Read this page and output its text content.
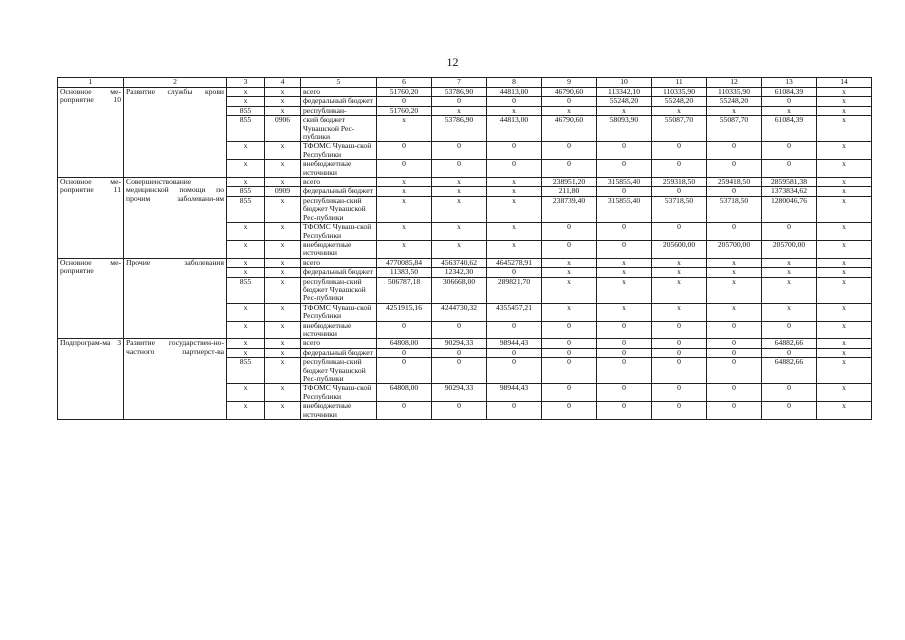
12
1	2	3	4	5	6	7	8	9	10	11	12	13	14
Основное ме-роприятие 10	Развитие службы крови	x	x	всего	51760,20	53786,90	44813,00	46790,60	113342,10	110335,90	110335,90	61084,39	x
		x	x	федеральный бюджет	0	0	0	0	55248,20	55248,20	55248,20	0	x
		855	x	республикан-	51760,20	x	x	x	x	x	x	x	x
		855	0906	ский бюджет Чувашской Рес-публики	x	53786,90	44813,00	46790,60	58093,90	55087,70	55087,70	61084,39	x
		x	x	ТФОМС Чуваш-ской Республики	0	0	0	0	0	0	0	0	x
		x	x	внебюджетные источники	0	0	0	0	0	0	0	0	x
Основное ме-роприятие 11	Совершенствование медицинской помощи по прочим заболевани-ям	x	x	всего	x	x	x	238951,20	315855,40	259318,50	259418,50	2859581,38	x
		855	0909	федеральный бюджет	x	x	x	211,80	0	0	0	1373834,62	x
		855	x	республикан-ский бюджет Чувашской Рес-публики	x	x	x	238739,40	315855,40	53718,50	53718,50	1280046,76	x
		x	x	ТФОМС Чуваш-ской Республики	x	x	x	0	0	0	0	0	x
		x	x	внебюджетные источники	x	x	x	0	0	205600,00	205700,00	205700,00	x
Основное ме-роприятие	Прочие заболевания	x	x	всего	4770085,84	4563740,62	4645278,91	x	x	x	x	x	x
		x	x	федеральный бюджет	11383,50	12342,30	0	x	x	x	x	x	x
		855	x	республикан-ский бюджет Чувашской Рес-публики	506787,18	306668,00	289821,70	x	x	x	x	x	x
		x	x	ТФОМС Чуваш-ской Республики	4251915,16	4244730,32	4355457,21	x	x	x	x	x	x
		x	x	внебюджетные источники	0	0	0	0	0	0	0	0	x
Подпрограм-ма 3	Развитие государствен-но-частного партнерст-ва	x	x	всего	64808,00	90294,33	98944,43	0	0	0	0	64882,66	x
		x	x	федеральный бюджет	0	0	0	0	0	0	0	0	x
		855	x	республикан-ский бюджет Чувашской Рес-публики	0	0	0	0	0	0	0	64882,66	x
		x	x	ТФОМС Чуваш-ской Республики	64808,00	90294,33	98944,43	0	0	0	0	0	x
		x	x	внебюджетные источники	0	0	0	0	0	0	0	0	x
